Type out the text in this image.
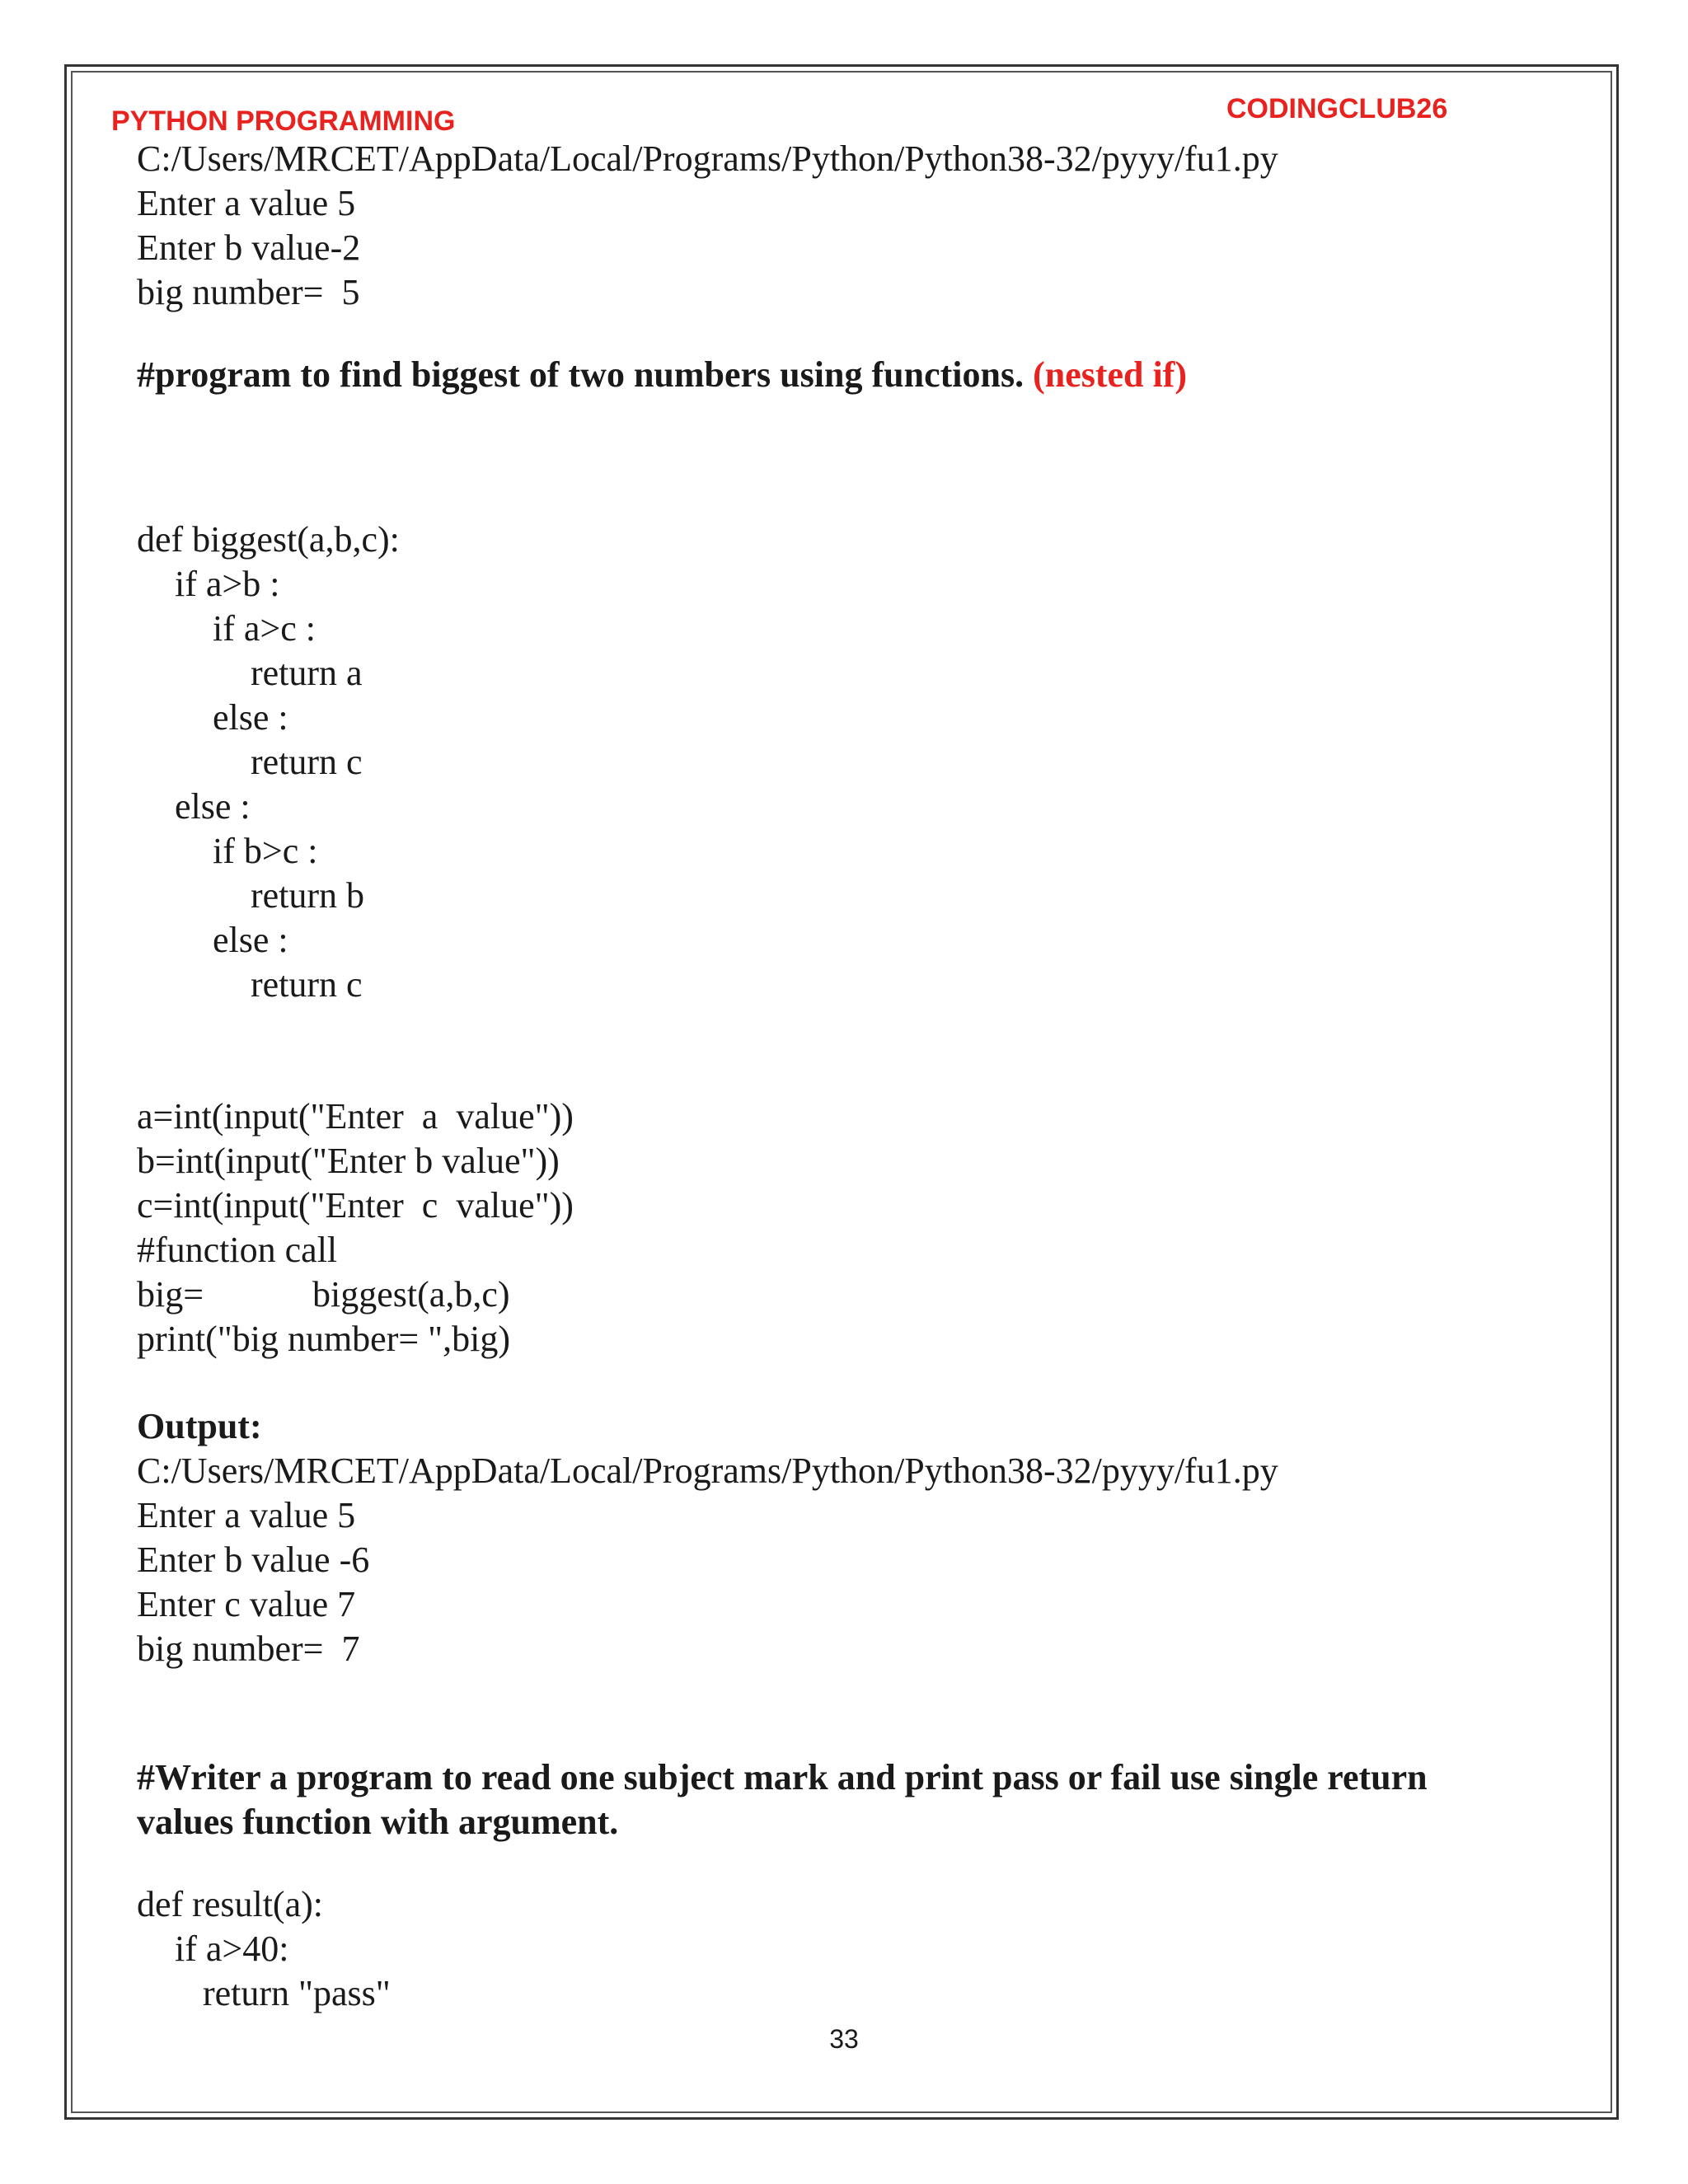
PYTHON PROGRAMMING	CODINGCLUB26
C:/Users/MRCET/AppData/Local/Programs/Python/Python38-32/pyyy/fu1.py
Enter a value 5
Enter b value-2
big number=  5
#program to find biggest of two numbers using functions. (nested if)
def biggest(a,b,c):
if a>b :
if a>c :
return a
else :
return c
else :
if b>c :
return b
else :
return c
a=int(input("Enter  a  value"))
b=int(input("Enter b value"))
c=int(input("Enter  c  value"))
#function call
big=            biggest(a,b,c)
print("big number= ",big)
Output:
C:/Users/MRCET/AppData/Local/Programs/Python/Python38-32/pyyy/fu1.py
Enter a value 5
Enter b value -6
Enter c value 7
big number=  7
#Writer a program to read one subject mark and print pass or fail use single return
values function with argument.
def result(a):
if a>40:
return "pass"
33
